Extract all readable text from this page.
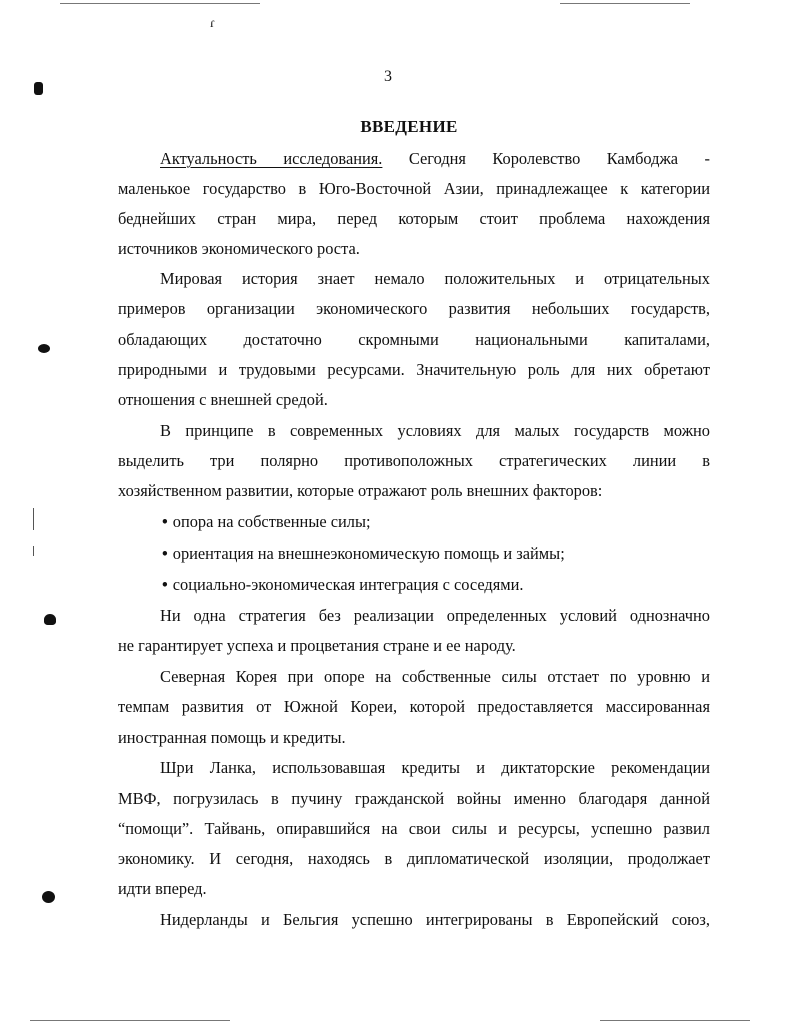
ɾ
3
ВВЕДЕНИЕ
Актуальность исследования. Сегодня Королевство Камбоджа -
маленькое государство в Юго-Восточной Азии, принадлежащее к категории
беднейших стран мира, перед которым стоит проблема нахождения
источников экономического роста.
Мировая история знает немало положительных и отрицательных
примеров организации экономического развития небольших государств,
обладающих достаточно скромными национальными капиталами,
природными и трудовыми ресурсами. Значительную роль для них обретают
отношения с внешней средой.
В принципе в современных условиях для малых государств можно
выделить три полярно противоположных стратегических линии в
хозяйственном развитии, которые отражают роль внешних факторов:
• опора на собственные силы;
• ориентация на внешнеэкономическую помощь и займы;
• социально-экономическая интеграция с соседями.
Ни одна стратегия без реализации определенных условий однозначно
не гарантирует успеха и процветания стране и ее народу.
Северная Корея при опоре на собственные силы отстает по уровню и
темпам развития от Южной Кореи, которой предоставляется массированная
иностранная помощь и кредиты.
Шри Ланка, использовавшая кредиты и диктаторские рекомендации
МВФ, погрузилась в пучину гражданской войны именно благодаря данной
“помощи”. Тайвань, опиравшийся на свои силы и ресурсы, успешно развил
экономику. И сегодня, находясь в дипломатической изоляции, продолжает
идти вперед.
Нидерланды и Бельгия успешно интегрированы в Европейский союз,
